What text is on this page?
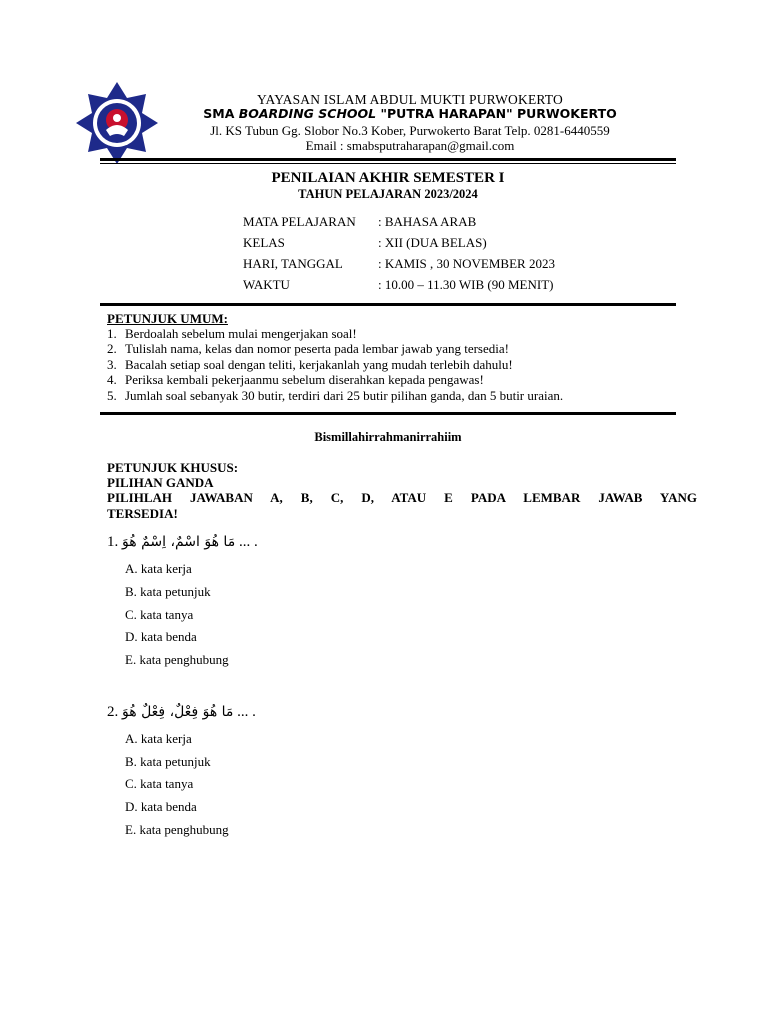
YAYASAN ISLAM ABDUL MUKTI PURWOKERTO
SMA BOARDING SCHOOL "PUTRA HARAPAN" PURWOKERTO
Jl. KS Tubun Gg. Slobor No.3 Kober, Purwokerto Barat Telp. 0281-6440559
Email : smabsputraharapan@gmail.com
PENILAIAN AKHIR SEMESTER I
TAHUN PELAJARAN 2023/2024
MATA PELAJARAN : BAHASA ARAB
KELAS	: XII (DUA BELAS)
HARI, TANGGAL	: KAMIS , 30 NOVEMBER 2023
WAKTU	: 10.00 – 11.30 WIB (90 MENIT)
PETUNJUK UMUM:
1. Berdoalah sebelum mulai mengerjakan soal!
2. Tulislah nama, kelas dan nomor peserta pada lembar jawab yang tersedia!
3. Bacalah setiap soal dengan teliti, kerjakanlah yang mudah terlebih dahulu!
4. Periksa kembali pekerjaanmu sebelum diserahkan kepada pengawas!
5. Jumlah soal sebanyak 30 butir, terdiri dari 25 butir pilihan ganda, dan 5 butir uraian.
Bismillahirrahmanirrahiim
PETUNJUK KHUSUS:
PILIHAN GANDA
PILIHLAH JAWABAN A, B, C, D, ATAU E PADA LEMBAR JAWAB YANG
TERSEDIA!
1. مَا هُوَ اسْمٌ، اِسْمٌ هُوَ ... .
A. kata kerja
B. kata petunjuk
C. kata tanya
D. kata benda
E. kata penghubung
2. مَا هُوَ فِعْلٌ، فِعْلٌ هُوَ ... .
A. kata kerja
B. kata petunjuk
C. kata tanya
D. kata benda
E. kata penghubung
